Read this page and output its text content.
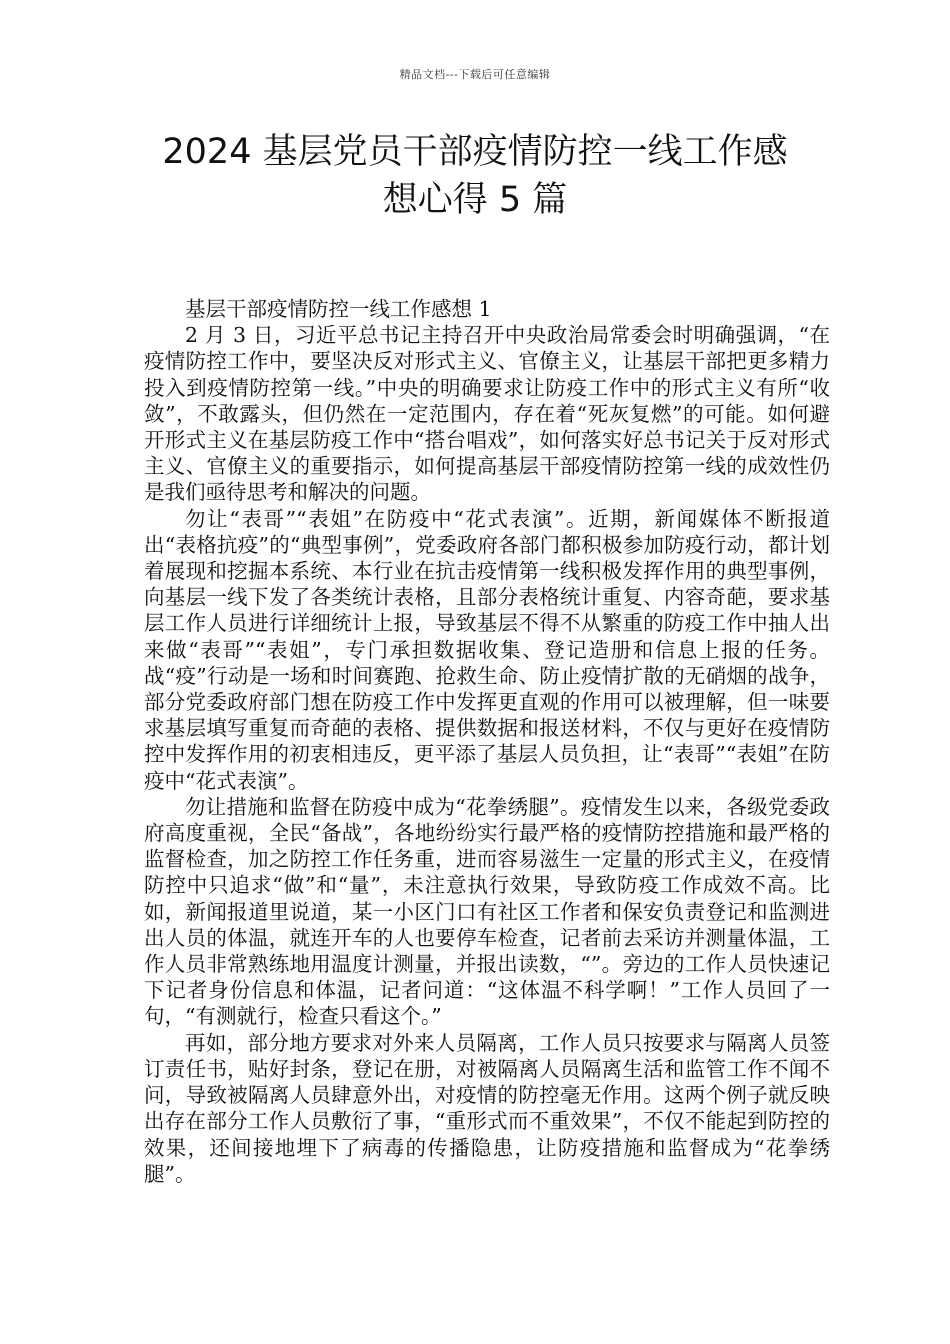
精品文档---下载后可任意编辑
2024 基层党员干部疫情防控一线工作感
想心得 5 篇

基层干部疫情防控一线工作感想 1

2 月 3 日，习近平总书记主持召开中央政治局常委会时明确强调，“在疫情防控工作中，要坚决反对形式主义、官僚主义，让基层干部把更多精力投入到疫情防控第一线。”中央的明确要求让防疫工作中的形式主义有所“收敛”，不敢露头，但仍然在一定范围内，存在着“死灰复燃”的可能。如何避开形式主义在基层防疫工作中“搭台唱戏”，如何落实好总书记关于反对形式主义、官僚主义的重要指示，如何提高基层干部疫情防控第一线的成效性仍是我们亟待思考和解决的问题。

勿让“表哥”“表姐”在防疫中“花式表演”。近期，新闻媒体不断报道出“表格抗疫”的“典型事例”，党委政府各部门都积极参加防疫行动，都计划着展现和挖掘本系统、本行业在抗击疫情第一线积极发挥作用的典型事例，向基层一线下发了各类统计表格，且部分表格统计重复、内容奇葩，要求基层工作人员进行详细统计上报，导致基层不得不从繁重的防疫工作中抽人出来做“表哥”“表姐”，专门承担数据收集、登记造册和信息上报的任务。战“疫”行动是一场和时间赛跑、抢救生命、防止疫情扩散的无硝烟的战争，部分党委政府部门想在防疫工作中发挥更直观的作用可以被理解，但一味要求基层填写重复而奇葩的表格、提供数据和报送材料，不仅与更好在疫情防控中发挥作用的初衷相违反，更平添了基层人员负担，让“表哥”“表姐”在防疫中“花式表演”。

勿让措施和监督在防疫中成为“花拳绣腿”。疫情发生以来，各级党委政府高度重视，全民“备战”，各地纷纷实行最严格的疫情防控措施和最严格的监督检查，加之防控工作任务重，进而容易滋生一定量的形式主义，在疫情防控中只追求“做”和“量”，未注意执行效果，导致防疫工作成效不高。比如，新闻报道里说道，某一小区门口有社区工作者和保安负责登记和监测进出人员的体温，就连开车的人也要停车检查，记者前去采访并测量体温，工作人员非常熟练地用温度计测量，并报出读数，“”。旁边的工作人员快速记下记者身份信息和体温，记者问道：“这体温不科学啊！”工作人员回了一句，“有测就行，检查只看这个。”

再如，部分地方要求对外来人员隔离，工作人员只按要求与隔离人员签订责任书，贴好封条，登记在册，对被隔离人员隔离生活和监管工作不闻不问，导致被隔离人员肆意外出，对疫情的防控毫无作用。这两个例子就反映出存在部分工作人员敷衍了事，“重形式而不重效果”，不仅不能起到防控的效果，还间接地埋下了病毒的传播隐患，让防疫措施和监督成为“花拳绣腿”。
